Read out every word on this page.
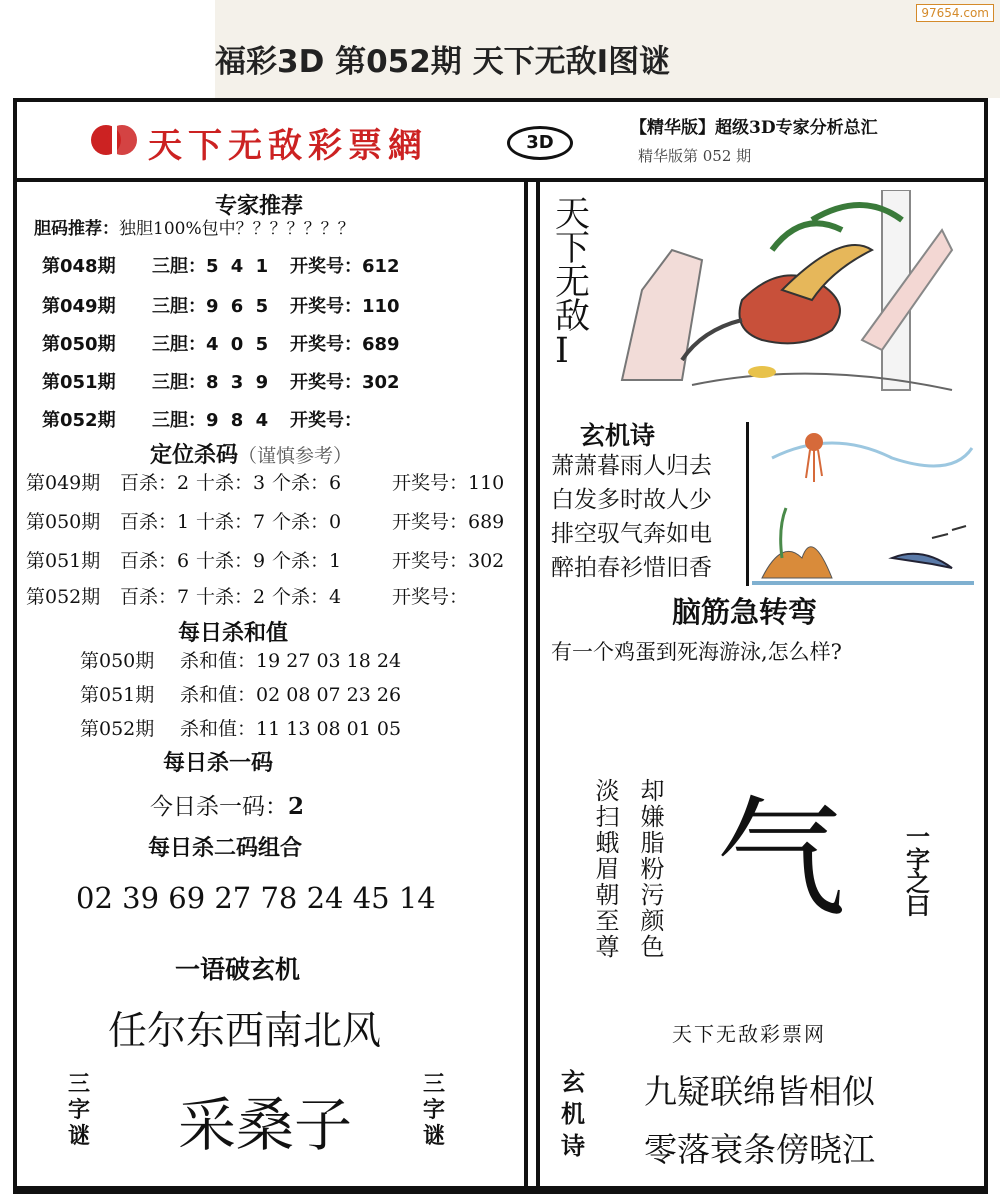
福彩3D 第052期 天下无敌Ⅰ图谜
97654.com
天下无敌彩票網	3D
【精华版】超级3D专家分析总汇
精华版第 052 期
专家推荐
胆码推荐：独胆100%包中？？？？？？？
第048期 三胆：5 4 1 开奖号：612
第049期 三胆：9 6 5 开奖号：110
第050期 三胆：4 0 5 开奖号：689
第051期 三胆：8 3 9 开奖号：302
第052期 三胆：9 8 4 开奖号：
定位杀码（谨慎参考）
第049期 百杀：2 十杀：3 个杀：6	开奖号：110
第050期 百杀：1 十杀：7 个杀：0	开奖号：689
第051期 百杀：6 十杀：9 个杀：1	开奖号：302
第052期 百杀：7 十杀：2 个杀：4	开奖号：
每日杀和值
第050期 杀和值：19 27 03 18 24
第051期 杀和值：02 08 07 23 26
第052期 杀和值：11 13 08 01 05
每日杀一码
今日杀一码：2
每日杀二码组合
02 39 69 27 78 24 45 14
一语破玄机
任尔东西南北风
三字谜 采桑子
三字谜
天下无敌Ⅰ
玄机诗
萧萧暮雨人归去
白发多时故人少
排空驭气奔如电
醉拍春衫惜旧香
脑筋急转弯
有一个鸡蛋到死海游泳,怎么样?
淡扫蛾眉朝至尊 却嫌脂粉污颜色 气 一字之曰
天下无敌彩票网
玄机诗
九疑联绵皆相似
零落衰条傍晓江
